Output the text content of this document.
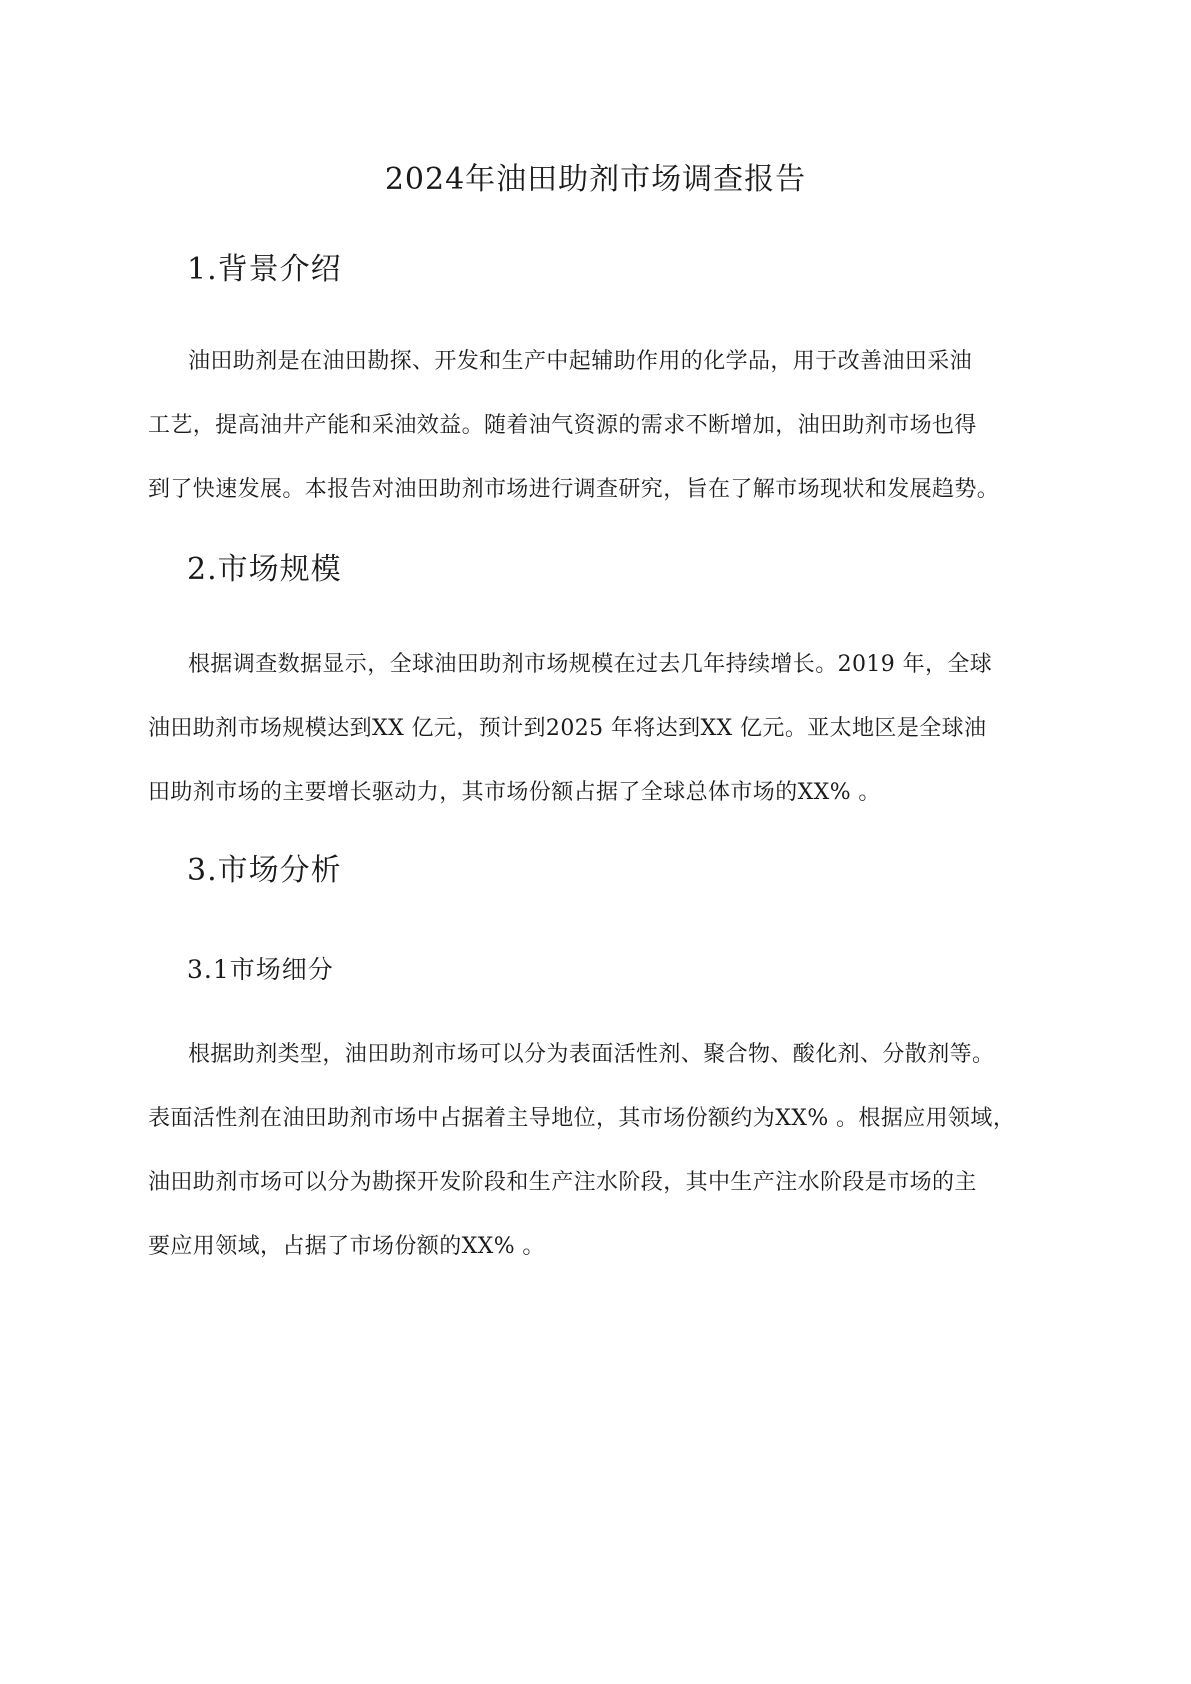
2024年油田助剂市场调查报告
1.背景介绍
油田助剂是在油田勘探、开发和生产中起辅助作用的化学品，用于改善油田采油
工艺，提高油井产能和采油效益。随着油气资源的需求不断增加，油田助剂市场也得
到了快速发展。本报告对油田助剂市场进行调查研究，旨在了解市场现状和发展趋势。
2.市场规模
根据调查数据显示，全球油田助剂市场规模在过去几年持续增长。2019 年，全球
油田助剂市场规模达到XX 亿元，预计到2025 年将达到XX 亿元。亚太地区是全球油
田助剂市场的主要增长驱动力，其市场份额占据了全球总体市场的XX% 。
3.市场分析
3.1市场细分
根据助剂类型，油田助剂市场可以分为表面活性剂、聚合物、酸化剂、分散剂等。
表面活性剂在油田助剂市场中占据着主导地位，其市场份额约为XX% 。根据应用领域，
油田助剂市场可以分为勘探开发阶段和生产注水阶段，其中生产注水阶段是市场的主
要应用领域，占据了市场份额的XX% 。
